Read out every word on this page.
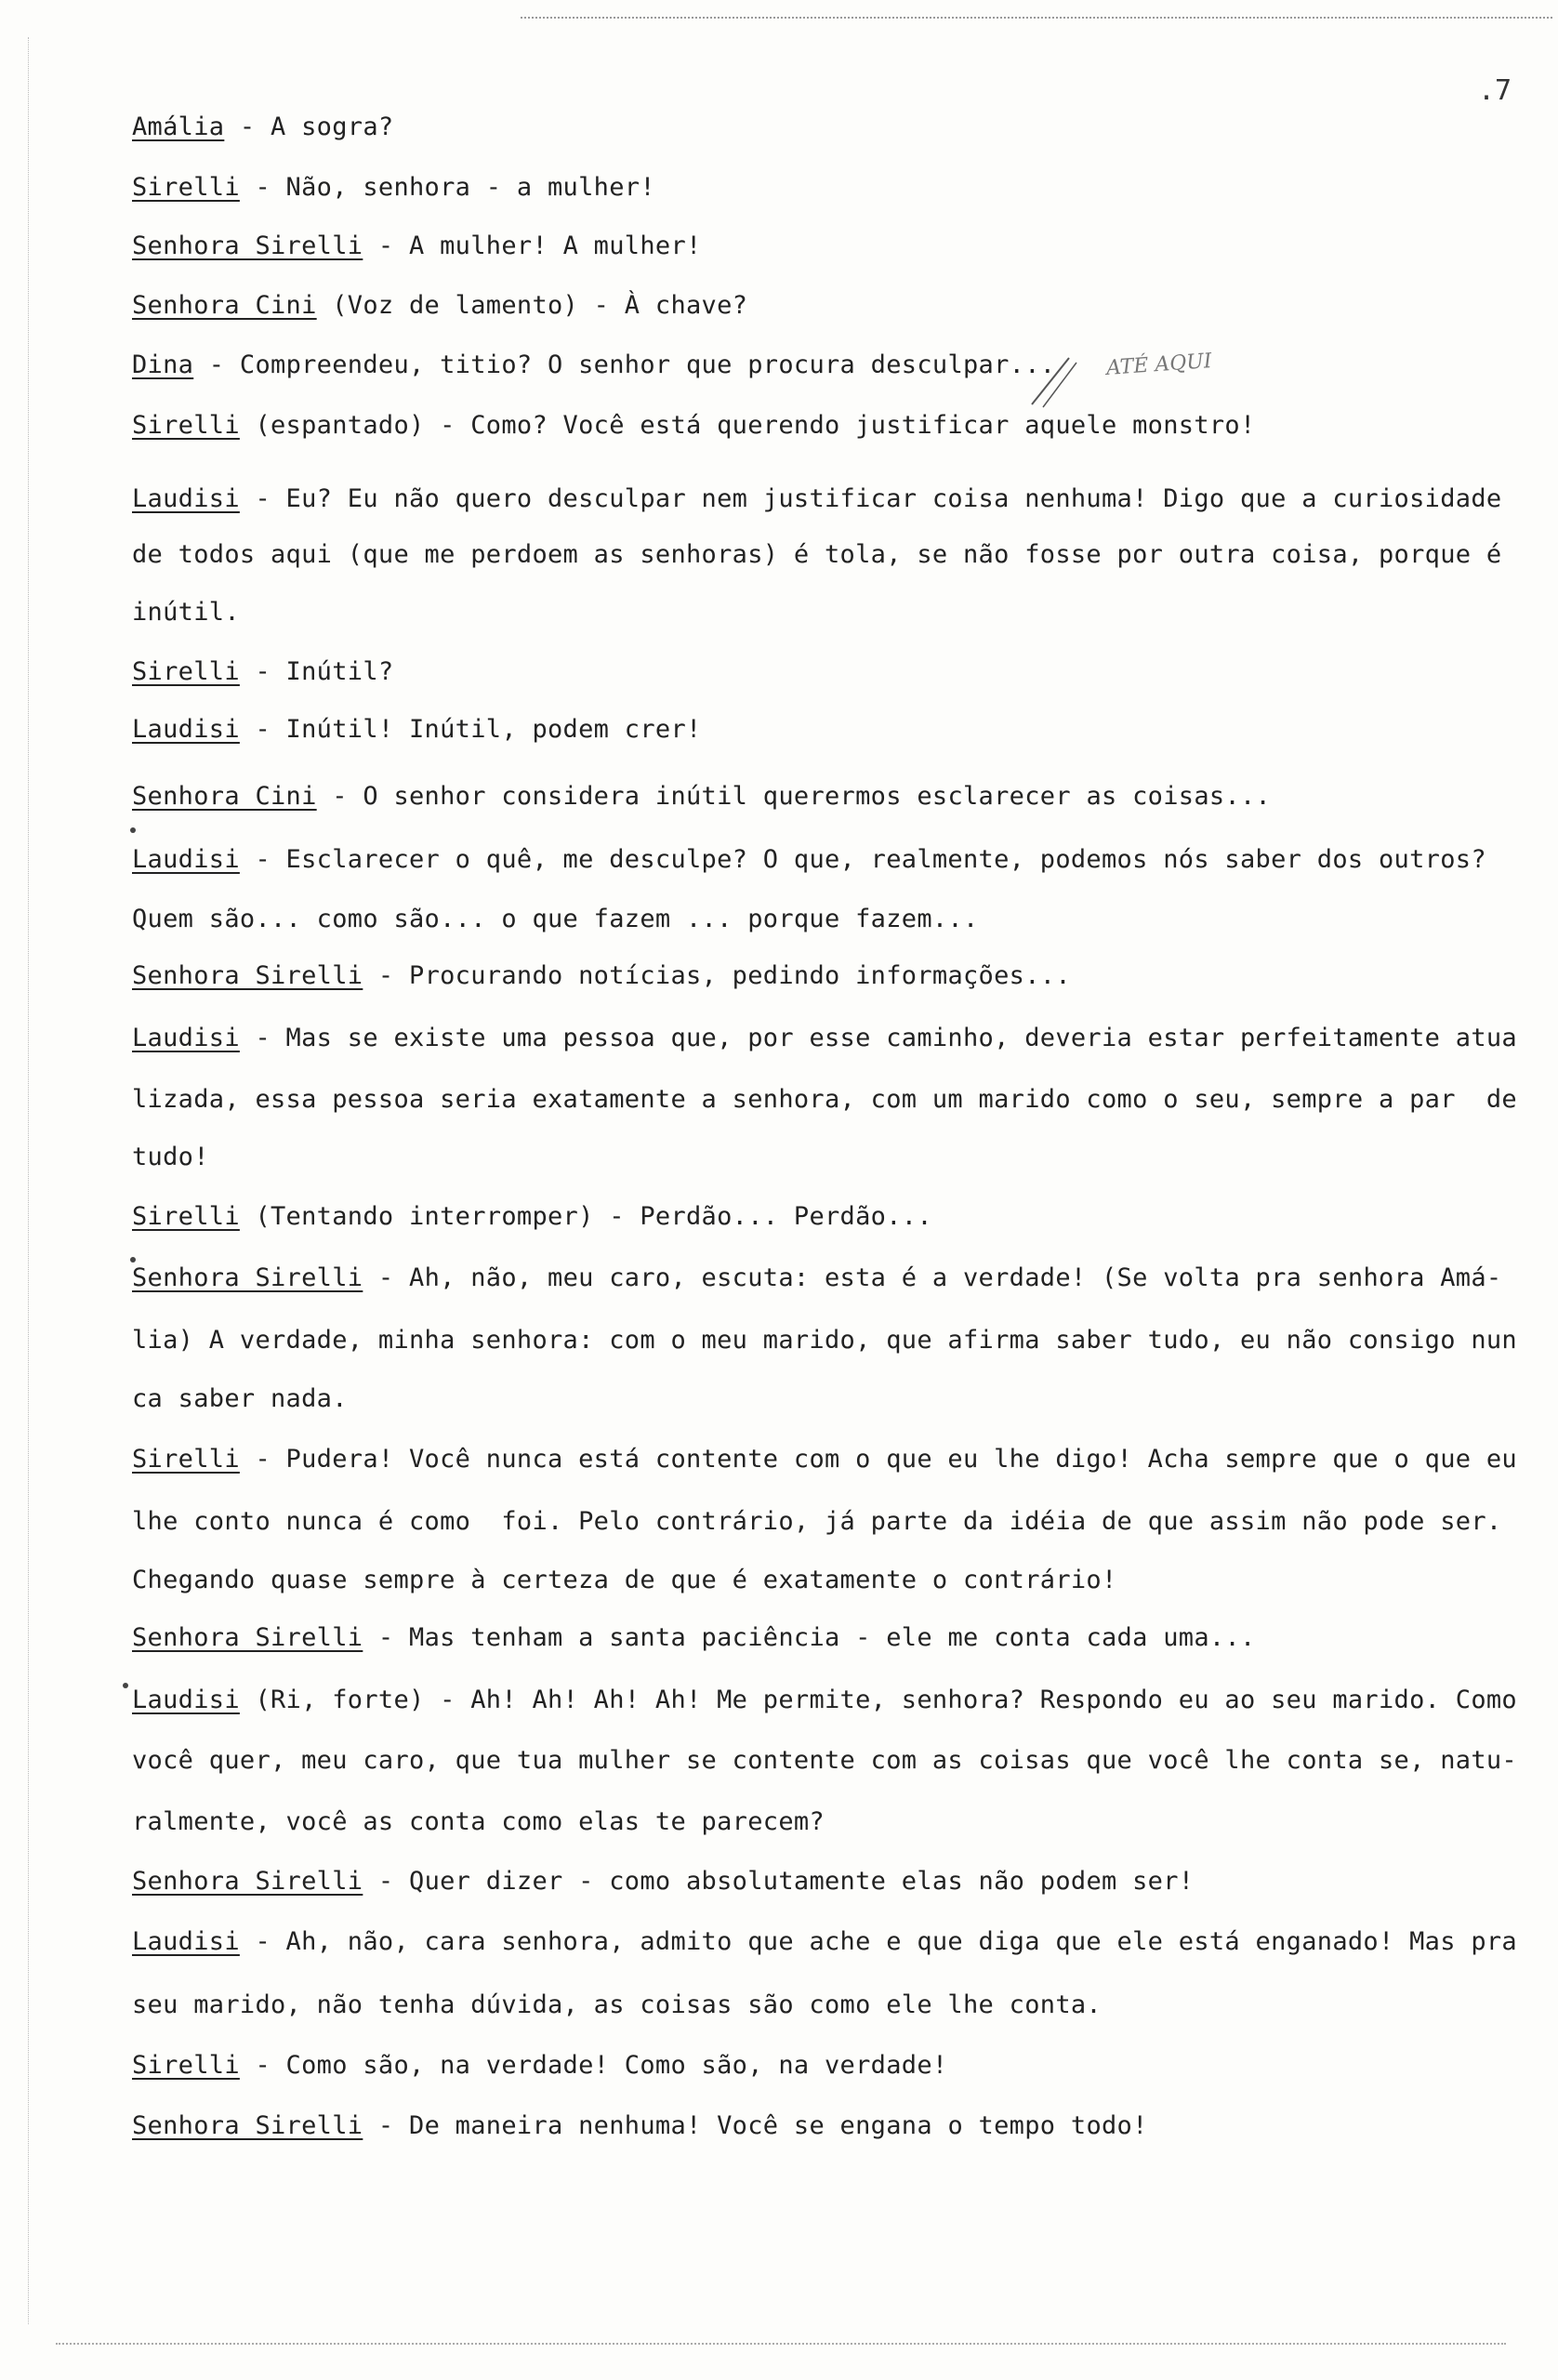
.7
ATÉ AQUI
Amália - A sogra?
Sirelli - Não, senhora - a mulher!
Senhora Sirelli - A mulher! A mulher!
Senhora Cini (Voz de lamento) - À chave?
Dina - Compreendeu, titio? O senhor que procura desculpar...
Sirelli (espantado) - Como? Você está querendo justificar aquele monstro!
Laudisi - Eu? Eu não quero desculpar nem justificar coisa nenhuma! Digo que a curiosidade
de todos aqui (que me perdoem as senhoras) é tola, se não fosse por outra coisa, porque é
inútil.
Sirelli - Inútil?
Laudisi - Inútil! Inútil, podem crer!
Senhora Cini - O senhor considera inútil querermos esclarecer as coisas...
Laudisi - Esclarecer o quê, me desculpe? O que, realmente, podemos nós saber dos outros?
Quem são... como são... o que fazem ... porque fazem...
Senhora Sirelli - Procurando notícias, pedindo informações...
Laudisi - Mas se existe uma pessoa que, por esse caminho, deveria estar perfeitamente atua
lizada, essa pessoa seria exatamente a senhora, com um marido como o seu, sempre a par  de
tudo!
Sirelli (Tentando interromper) - Perdão... Perdão...
Senhora Sirelli - Ah, não, meu caro, escuta: esta é a verdade! (Se volta pra senhora Amá-
lia) A verdade, minha senhora: com o meu marido, que afirma saber tudo, eu não consigo nun
ca saber nada.
Sirelli - Pudera! Você nunca está contente com o que eu lhe digo! Acha sempre que o que eu
lhe conto nunca é como  foi. Pelo contrário, já parte da idéia de que assim não pode ser.
Chegando quase sempre à certeza de que é exatamente o contrário!
Senhora Sirelli - Mas tenham a santa paciência - ele me conta cada uma...
Laudisi (Ri, forte) - Ah! Ah! Ah! Ah! Me permite, senhora? Respondo eu ao seu marido. Como
você quer, meu caro, que tua mulher se contente com as coisas que você lhe conta se, natu-
ralmente, você as conta como elas te parecem?
Senhora Sirelli - Quer dizer - como absolutamente elas não podem ser!
Laudisi - Ah, não, cara senhora, admito que ache e que diga que ele está enganado! Mas pra
seu marido, não tenha dúvida, as coisas são como ele lhe conta.
Sirelli - Como são, na verdade! Como são, na verdade!
Senhora Sirelli - De maneira nenhuma! Você se engana o tempo todo!
